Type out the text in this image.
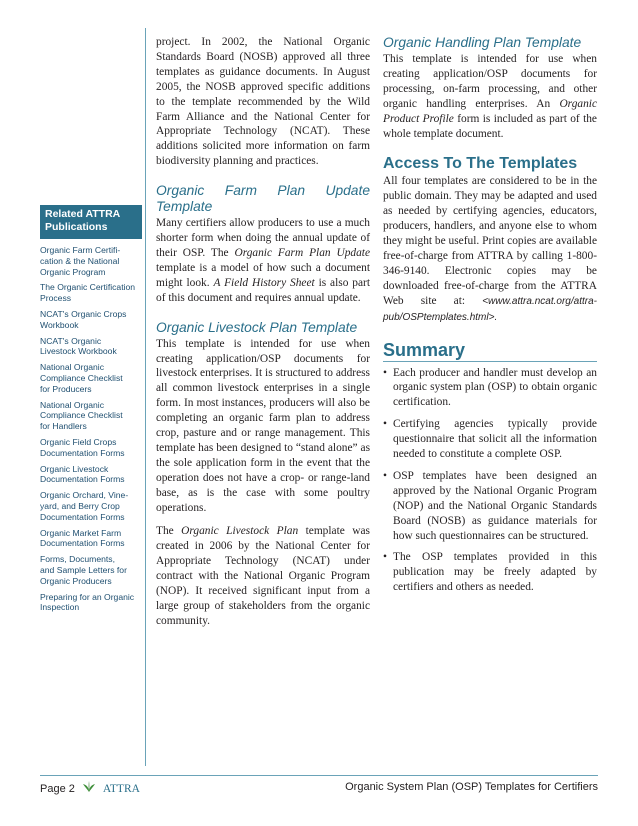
Related ATTRA Publications
Organic Farm Certifi-
cation & the National
Organic Program
The Organic Certification
Process
NCAT's Organic Crops
Workbook
NCAT's Organic
Livestock Workbook
National Organic
Compliance Checklist
for Producers
National Organic
Compliance Checklist
for Handlers
Organic Field Crops
Documentation Forms
Organic Livestock
Documentation Forms
Organic Orchard, Vine-
yard, and Berry Crop
Documentation Forms
Organic Market Farm
Documentation Forms
Forms, Documents,
and Sample Letters for
Organic Producers
Preparing for an Organic
Inspection

project. In 2002, the National Organic Standards Board (NOSB) approved all three templates as guidance documents. In August 2005, the NOSB approved specific additions to the template recommended by the Wild Farm Alliance and the National Center for Appropriate Technology (NCAT). These additions solicited more information on farm biodiversity planning and practices.

Organic Farm Plan Update Template

Many certifiers allow producers to use a much shorter form when doing the annual update of their OSP. The Organic Farm Plan Update template is a model of how such a document might look. A Field History Sheet is also part of this document and requires annual update.

Organic Livestock Plan Template

This template is intended for use when creating application/OSP documents for livestock enterprises. It is structured to address all common livestock enterprises in a single form. In most instances, producers will also be completing an organic farm plan to address crop, pasture and or range management. This template has been designed to “stand alone” as the sole application form in the event that the operation does not have a crop- or range-land base, as is the case with some poultry operations.

The Organic Livestock Plan template was created in 2006 by the National Center for Appropriate Technology (NCAT) under contract with the National Organic Program (NOP). It received significant input from a large group of stakeholders from the organic community.

Organic Handling Plan Template

This template is intended for use when creating application/OSP documents for processing, on-farm processing, and other organic handling enterprises. An Organic Product Profile form is included as part of the whole template document.

Access To The Templates

All four templates are considered to be in the public domain. They may be adapted and used as needed by certifying agencies, educators, producers, handlers, and anyone else to whom they might be useful. Print copies are available free-of-charge from ATTRA by calling 1-800-346-9140. Electronic copies may be downloaded free-of-charge from the ATTRA Web site at: <www.attra.ncat.org/attra-pub/OSPtemplates.html>.

Summary
• Each producer and handler must develop an organic system plan (OSP) to obtain organic certification.
• Certifying agencies typically provide questionnaire that solicit all the information needed to constitute a complete OSP.
• OSP templates have been designed an approved by the National Organic Program (NOP) and the National Organic Standards Board (NOSB) as guidance materials for how such questionnaires can be structured.
• The OSP templates provided in this publication may be freely adapted by certifiers and others as needed.
Page 2 ATTRA	Organic System Plan (OSP) Templates for Certifiers
